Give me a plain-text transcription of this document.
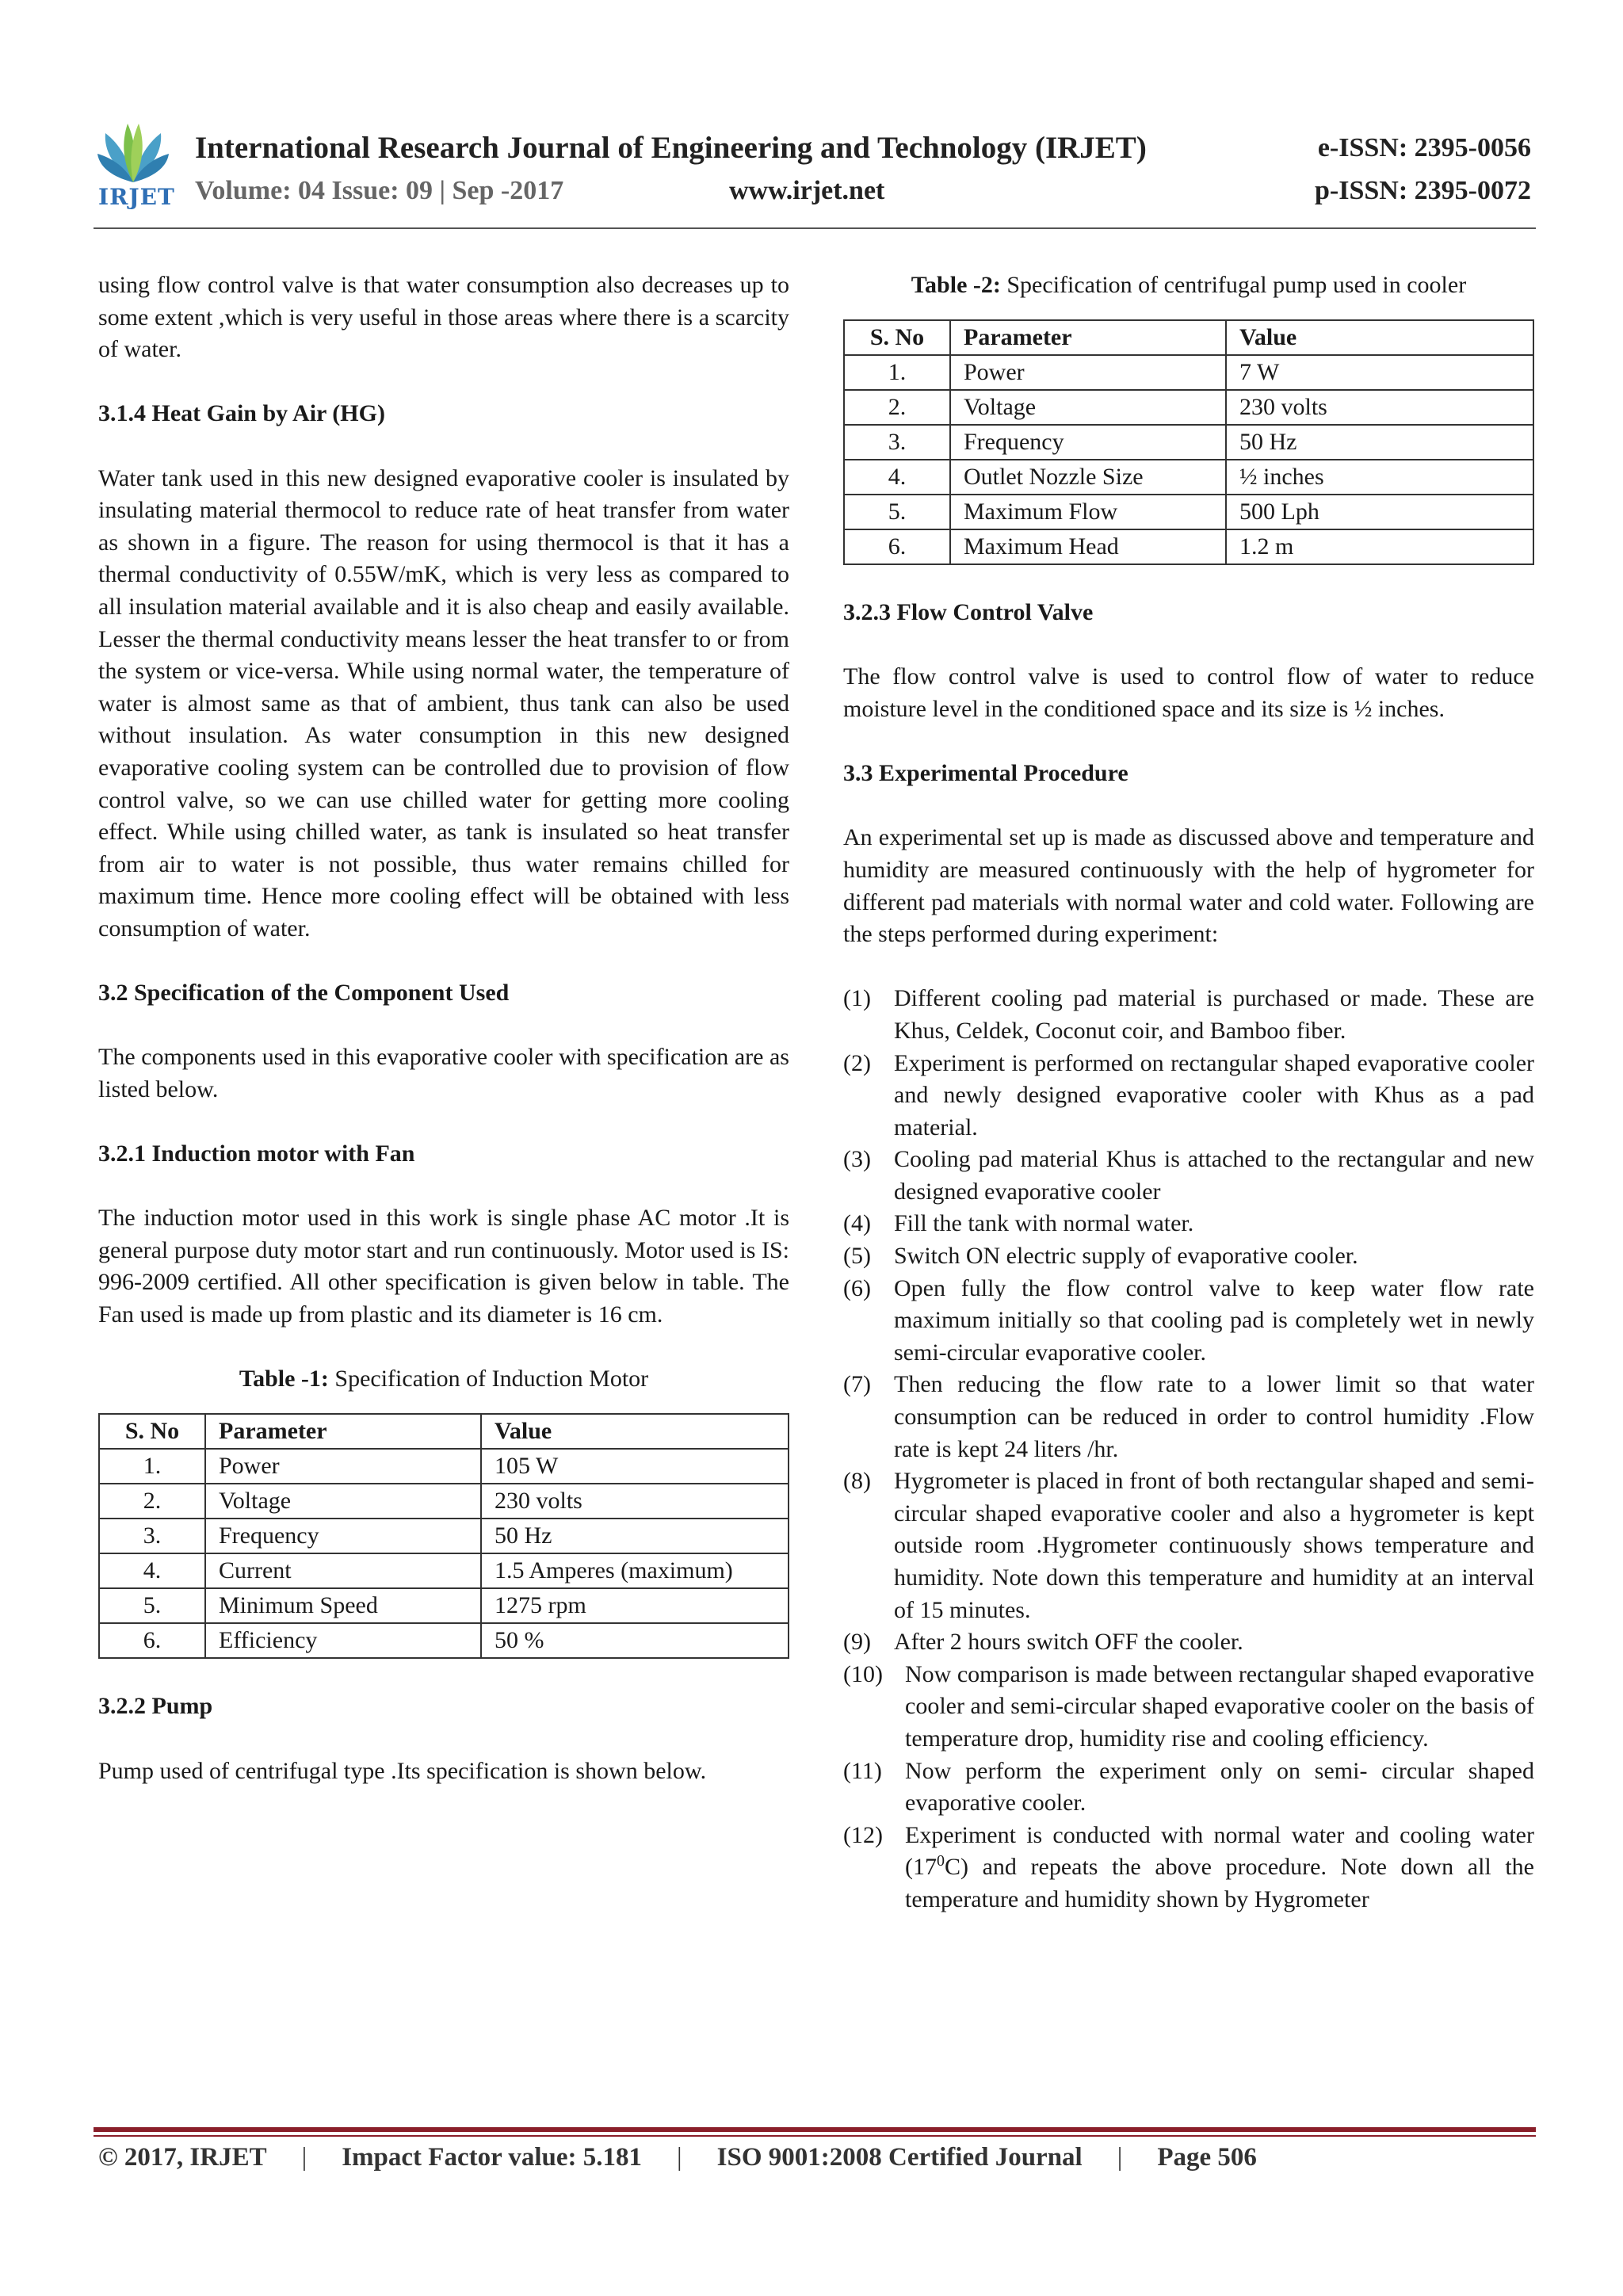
IRJET
International Research Journal of Engineering and Technology (IRJET)	e-ISSN: 2395-0056
Volume: 04 Issue: 09 | Sep -2017	www.irjet.net	p-ISSN: 2395-0072

using flow control valve is that water consumption also decreases up to some extent ,which is very useful in those areas where there is a scarcity of water.

3.1.4 Heat Gain by Air (HG)

Water tank used in this new designed evaporative cooler is insulated by insulating material thermocol to reduce rate of heat transfer from water as shown in a figure. The reason for using thermocol is that it has a thermal conductivity of 0.55W/mK, which is very less as compared to all insulation material available and it is also cheap and easily available. Lesser the thermal conductivity means lesser the heat transfer to or from the system or vice-versa. While using normal water, the temperature of water is almost same as that of ambient, thus tank can also be used without insulation. As water consumption in this new designed evaporative cooling system can be controlled due to provision of flow control valve, so we can use chilled water for getting more cooling effect. While using chilled water, as tank is insulated so heat transfer from air to water is not possible, thus water remains chilled for maximum time. Hence more cooling effect will be obtained with less consumption of water.

3.2 Specification of the Component Used

The components used in this evaporative cooler with specification are as listed below.

3.2.1 Induction motor with Fan

The induction motor used in this work is single phase AC motor .It is general purpose duty motor start and run continuously. Motor used is IS: 996-2009 certified. All other specification is given below in table. The Fan used is made up from plastic and its diameter is 16 cm.

Table -1: Specification of Induction Motor

S. No	Parameter	Value
1.	Power	105 W
2.	Voltage	230 volts
3.	Frequency	50 Hz
4.	Current	1.5 Amperes (maximum)
5.	Minimum Speed	1275 rpm
6.	Efficiency	50 %
3.2.2 Pump

Pump used of centrifugal type .Its specification is shown below.

Table -2: Specification of centrifugal pump used in cooler

S. No	Parameter	Value
1.	Power	7 W
2.	Voltage	230 volts
3.	Frequency	50 Hz
4.	Outlet Nozzle Size	½ inches
5.	Maximum Flow	500 Lph
6.	Maximum Head	1.2 m
3.2.3 Flow Control Valve

The flow control valve is used to control flow of water to reduce moisture level in the conditioned space and its size is ½ inches.

3.3 Experimental Procedure

An experimental set up is made as discussed above and temperature and humidity are measured continuously with the help of hygrometer for different pad materials with normal water and cold water. Following are the steps performed during experiment:

(1) Different cooling pad material is purchased or made. These are Khus, Celdek, Coconut coir, and Bamboo fiber.
(2) Experiment is performed on rectangular shaped evaporative cooler and newly designed evaporative cooler with Khus as a pad material.
(3) Cooling pad material Khus is attached to the rectangular and new designed evaporative cooler
(4) Fill the tank with normal water.
(5) Switch ON electric supply of evaporative cooler.
(6) Open fully the flow control valve to keep water flow rate maximum initially so that cooling pad is completely wet in newly semi-circular evaporative cooler.
(7) Then reducing the flow rate to a lower limit so that water consumption can be reduced in order to control humidity .Flow rate is kept 24 liters /hr.
(8) Hygrometer is placed in front of both rectangular shaped and semi-circular shaped evaporative cooler and also a hygrometer is kept outside room .Hygrometer continuously shows temperature and humidity. Note down this temperature and humidity at an interval of 15 minutes.
(9) After 2 hours switch OFF the cooler.
(10) Now comparison is made between rectangular shaped evaporative cooler and semi-circular shaped evaporative cooler on the basis of temperature drop, humidity rise and cooling efficiency.
(11) Now perform the experiment only on semi- circular shaped evaporative cooler.
(12) Experiment is conducted with normal water and cooling water $(17^0C)$ and repeats the above procedure. Note down all the temperature and humidity shown by Hygrometer
© 2017, IRJET | Impact Factor value: 5.181 | ISO 9001:2008 Certified Journal | Page 506
